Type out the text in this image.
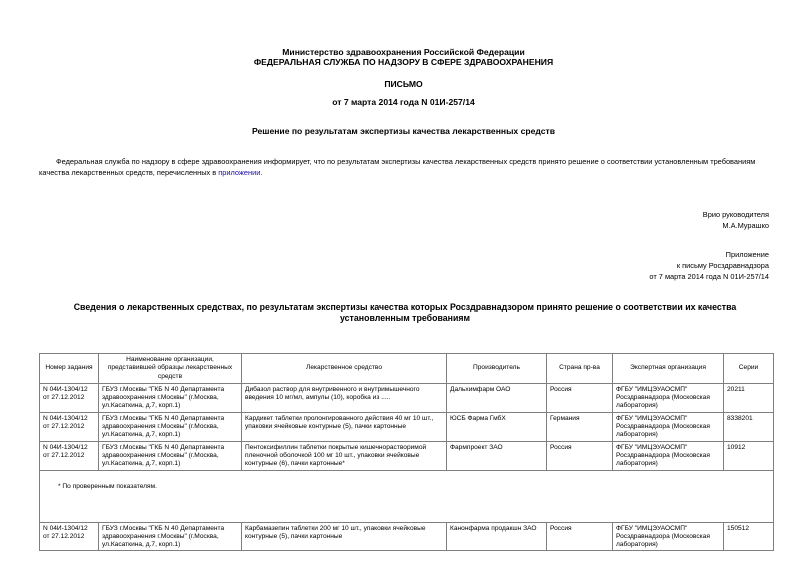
Министерство здравоохранения Российской Федерации
ФЕДЕРАЛЬНАЯ СЛУЖБА ПО НАДЗОРУ В СФЕРЕ ЗДРАВООХРАНЕНИЯ
ПИСЬМО
от 7 марта 2014 года N 01И-257/14
Решение по результатам экспертизы качества лекарственных средств
Федеральная служба по надзору в сфере здравоохранения информирует, что по результатам экспертизы качества лекарственных средств принято решение о соответствии установленным требованиям качества лекарственных средств, перечисленных в приложении.
Врио руководителя
М.А.Мурашко
Приложение
к письму Росздравнадзора
от 7 марта 2014 года N 01И-257/14
Сведения о лекарственных средствах, по результатам экспертизы качества которых Росздравнадзором принято решение о соответствии их качества установленным требованиям
Номер задания	Наименование организации, представившей образцы лекарственных средств	Лекарственное средство	Производитель	Страна пр-ва	Экспертная организация	Серии
N 04И-1304/12 от 27.12.2012	ГБУЗ г.Москвы "ГКБ N 40 Департамента здравоохранения г.Москвы" (г.Москва, ул.Касаткина, д.7, корп.1)	Дибазол раствор для внутривенного и внутримышечного введения 10 мг/мл, ампулы (10), коробка из .....	Дальхимфарм ОАО	Россия	ФГБУ "ИМЦЭУАОСМП" Росздравнадзора (Московская лаборатория)	20211
N 04И-1304/12 от 27.12.2012	ГБУЗ г.Москвы "ГКБ N 40 Департамента здравоохранения г.Москвы" (г.Москва, ул.Касаткина, д.7, корп.1)	Кардикет таблетки пролонгированного действия 40 мг 10 шт., упаковки ячейковые контурные (5), пачки картонные	ЮСБ Фарма ГмбХ	Германия	ФГБУ "ИМЦЭУАОСМП" Росздравнадзора (Московская лаборатория)	8338201
N 04И-1304/12 от 27.12.2012	ГБУЗ г.Москвы "ГКБ N 40 Департамента здравоохранения г.Москвы" (г.Москва, ул.Касаткина, д.7, корп.1)	Пентоксифиллин таблетки покрытые кишечнорастворимой пленочной оболочкой 100 мг 10 шт., упаковки ячейковые контурные (6), пачки картонные*	Фармпроект ЗАО	Россия	ФГБУ "ИМЦЭУАОСМП" Росздравнадзора (Московская лаборатория)	10912
* По проверенным показателям.						
N 04И-1304/12 от 27.12.2012	ГБУЗ г.Москвы "ГКБ N 40 Департамента здравоохранения г.Москвы" (г.Москва, ул.Касаткина, д.7, корп.1)	Карбамазепин таблетки 200 мг 10 шт., упаковки ячейковые контурные (5), пачки картонные	Канонфарма продакшн ЗАО	Россия	ФГБУ "ИМЦЭУАОСМП" Росздравнадзора (Московская лаборатория)	150512
